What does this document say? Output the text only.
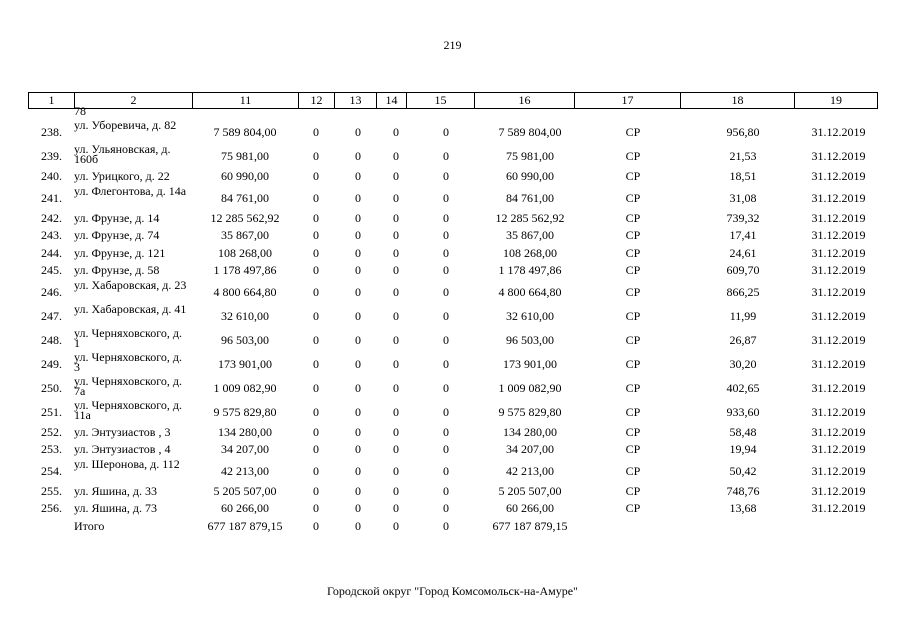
219
1	2	11	12	13	14	15	16	17	18	19
78
238. ул. Уборевича, д. 82	7 589 804,00	0	0	0	0	7 589 804,00	СР	956,80	31.12.2019
239. ул. Ульяновская, д. 160б	75 981,00	0	0	0	0	75 981,00	СР	21,53	31.12.2019
240. ул. Урицкого, д. 22	60 990,00	0	0	0	0	60 990,00	СР	18,51	31.12.2019
241. ул. Флегонтова, д. 14а	84 761,00	0	0	0	0	84 761,00	СР	31,08	31.12.2019
242. ул. Фрунзе, д. 14	12 285 562,92	0	0	0	0	12 285 562,92	СР	739,32	31.12.2019
243. ул. Фрунзе, д. 74	35 867,00	0	0	0	0	35 867,00	СР	17,41	31.12.2019
244. ул. Фрунзе, д. 121	108 268,00	0	0	0	0	108 268,00	СР	24,61	31.12.2019
245. ул. Фрунзе, д. 58	1 178 497,86	0	0	0	0	1 178 497,86	СР	609,70	31.12.2019
246. ул. Хабаровская, д. 23	4 800 664,80	0	0	0	0	4 800 664,80	СР	866,25	31.12.2019
247. ул. Хабаровская, д. 41	32 610,00	0	0	0	0	32 610,00	СР	11,99	31.12.2019
248. ул. Черняховского, д. 1	96 503,00	0	0	0	0	96 503,00	СР	26,87	31.12.2019
249. ул. Черняховского, д. 3	173 901,00	0	0	0	0	173 901,00	СР	30,20	31.12.2019
250. ул. Черняховского, д. 7а	1 009 082,90	0	0	0	0	1 009 082,90	СР	402,65	31.12.2019
251. ул. Черняховского, д. 11а	9 575 829,80	0	0	0	0	9 575 829,80	СР	933,60	31.12.2019
252. ул. Энтузиастов , 3	134 280,00	0	0	0	0	134 280,00	СР	58,48	31.12.2019
253. ул. Энтузиастов , 4	34 207,00	0	0	0	0	34 207,00	СР	19,94	31.12.2019
254. ул. Шеронова, д. 112	42 213,00	0	0	0	0	42 213,00	СР	50,42	31.12.2019
255. ул. Яшина, д. 33	5 205 507,00	0	0	0	0	5 205 507,00	СР	748,76	31.12.2019
256. ул. Яшина, д. 73	60 266,00	0	0	0	0	60 266,00	СР	13,68	31.12.2019
Итого	677 187 879,15	0	0	0	0	677 187 879,15
Городской округ "Город Комсомольск-на-Амуре"
